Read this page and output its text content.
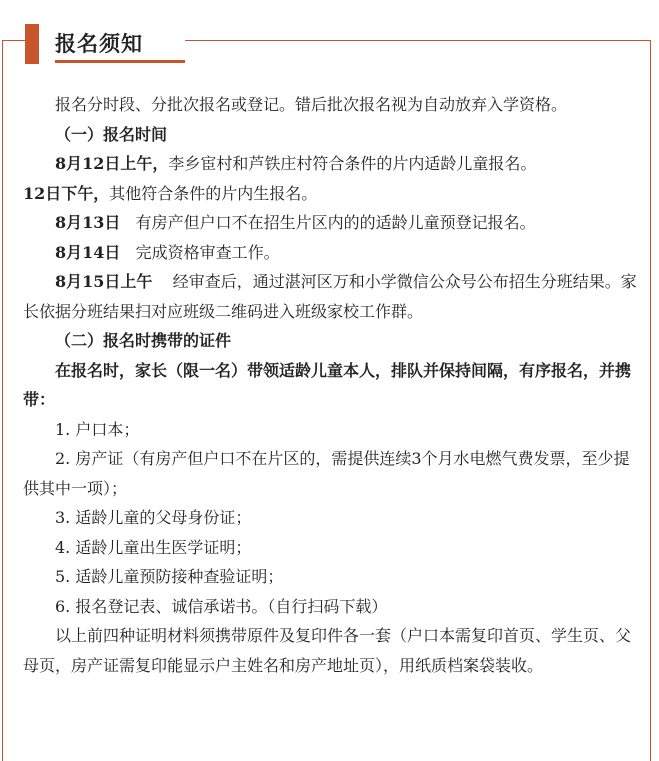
报名须知

报名分时段、分批次报名或登记。错后批次报名视为自动放弃入学资格。

（一）报名时间

8月12日上午，李乡宦村和芦铁庄村符合条件的片内适龄儿童报名。

12日下午，其他符合条件的片内生报名。

8月13日 有房产但户口不在招生片区内的的适龄儿童预登记报名。

8月14日 完成资格审查工作。

8月15日上午 经审查后，通过湛河区万和小学微信公众号公布招生分班结果。家长依据分班结果扫对应班级二维码进入班级家校工作群。

（二）报名时携带的证件

在报名时，家长（限一名）带领适龄儿童本人，排队并保持间隔，有序报名，并携带：

1. 户口本；

2. 房产证（有房产但户口不在片区的，需提供连续3个月水电燃气费发票，至少提供其中一项）；

3. 适龄儿童的父母身份证；

4. 适龄儿童出生医学证明；

5. 适龄儿童预防接种查验证明；

6. 报名登记表、诚信承诺书。（自行扫码下载）

以上前四种证明材料须携带原件及复印件各一套（户口本需复印首页、学生页、父母页，房产证需复印能显示户主姓名和房产地址页），用纸质档案袋装收。
